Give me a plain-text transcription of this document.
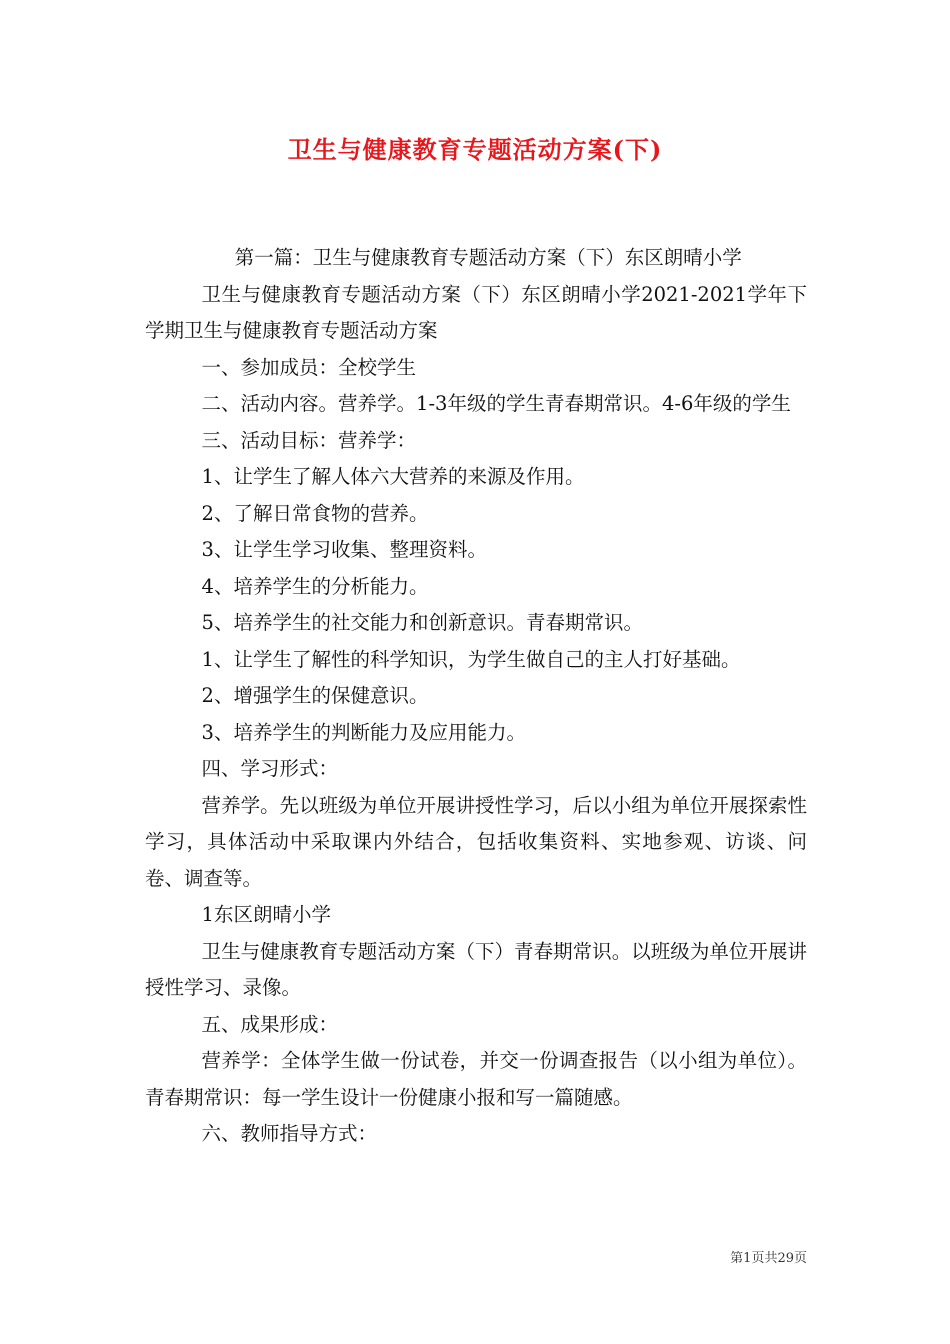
卫生与健康教育专题活动方案(下)

第一篇：卫生与健康教育专题活动方案（下）东区朗晴小学

卫生与健康教育专题活动方案（下）东区朗晴小学2021-2021学年下学期卫生与健康教育专题活动方案

一、参加成员：全校学生

二、活动内容。营养学。1-3年级的学生青春期常识。4-6年级的学生

三、活动目标：营养学：

1、让学生了解人体六大营养的来源及作用。

2、了解日常食物的营养。

3、让学生学习收集、整理资料。

4、培养学生的分析能力。

5、培养学生的社交能力和创新意识。青春期常识。

1、让学生了解性的科学知识，为学生做自己的主人打好基础。

2、增强学生的保健意识。

3、培养学生的判断能力及应用能力。

四、学习形式：

营养学。先以班级为单位开展讲授性学习，后以小组为单位开展探索性学习，具体活动中采取课内外结合，包括收集资料、实地参观、访谈、问卷、调查等。

1东区朗晴小学

卫生与健康教育专题活动方案（下）青春期常识。以班级为单位开展讲授性学习、录像。

五、成果形成：

营养学：全体学生做一份试卷，并交一份调查报告（以小组为单位）。青春期常识：每一学生设计一份健康小报和写一篇随感。

六、教师指导方式：

第1页共29页
